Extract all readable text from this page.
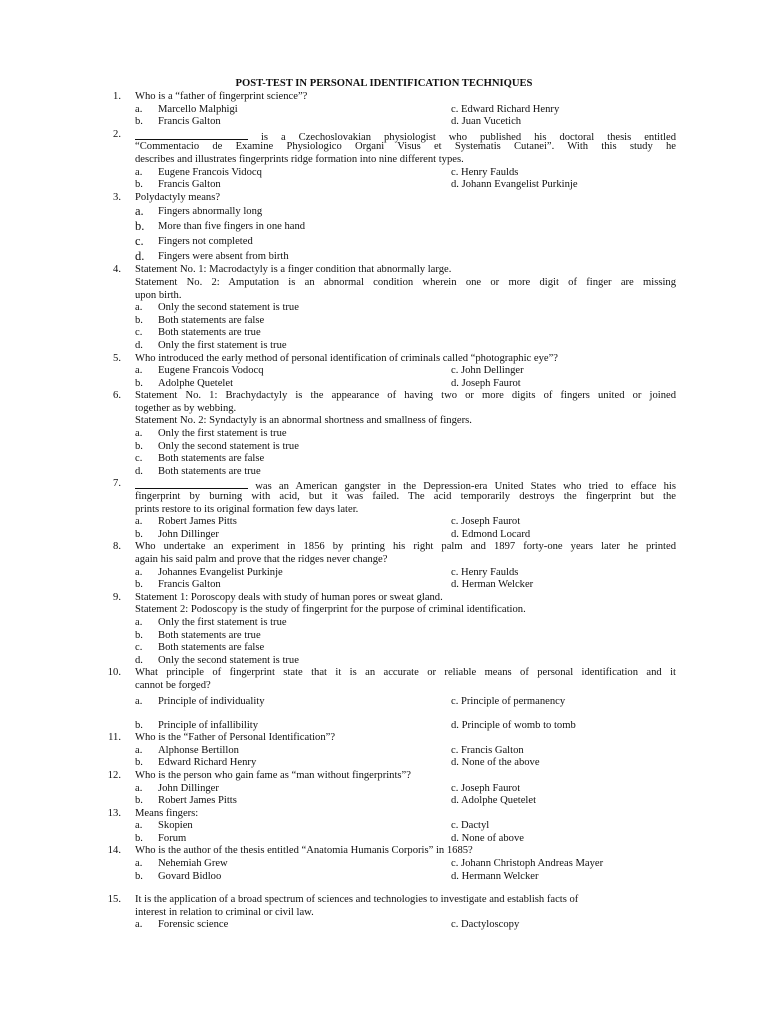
POST-TEST IN PERSONAL IDENTIFICATION TECHNIQUES
1. Who is a “father of fingerprint science”?
a. Marcello Malphigi	c. Edward Richard Henry
b. Francis Galton	d. Juan Vucetich
2.	is a Czechoslovakian physiologist who published his doctoral thesis entitled
“Commentacio de Examine Physiologico Organi Visus et Systematis Cutanei”. With this study he
describes and illustrates fingerprints ridge formation into nine different types.
a. Eugene Francois Vidocq	c. Henry Faulds
b. Francis Galton	d. Johann Evangelist Purkinje
3. Polydactyly means?
a. Fingers abnormally long
b. More than five fingers in one hand
c. Fingers not completed
d. Fingers were absent from birth
4. Statement No. 1: Macrodactyly is a finger condition that abnormally large.
Statement No. 2: Amputation is an abnormal condition wherein one or more digit of finger are missing
upon birth.
a. Only the second statement is true
b. Both statements are false
c. Both statements are true
d. Only the first statement is true
5. Who introduced the early method of personal identification of criminals called “photographic eye”?
a. Eugene Francois Vodocq	c. John Dellinger
b. Adolphe Quetelet	d. Joseph Faurot
6. Statement No. 1: Brachydactyly is the appearance of having two or more digits of fingers united or joined
together as by webbing.
Statement No. 2: Syndactyly is an abnormal shortness and smallness of fingers.
a. Only the first statement is true
b. Only the second statement is true
c. Both statements are false
d. Both statements are true
7.	was an American gangster in the Depression-era United States who tried to efface his
fingerprint by burning with acid, but it was failed. The acid temporarily destroys the fingerprint but the
prints restore to its original formation few days later.
a. Robert James Pitts	c. Joseph Faurot
b. John Dillinger	d. Edmond Locard
8. Who undertake an experiment in 1856 by printing his right palm and 1897 forty-one years later he printed
again his said palm and prove that the ridges never change?
a. Johannes Evangelist Purkinje	c. Henry Faulds
b. Francis Galton	d. Herman Welcker
9. Statement 1: Poroscopy deals with study of human pores or sweat gland.
Statement 2: Podoscopy is the study of fingerprint for the purpose of criminal identification.
a. Only the first statement is true
b. Both statements are true
c. Both statements are false
d. Only the second statement is true
10. What principle of fingerprint state that it is an accurate or reliable means of personal identification and it
cannot be forged?
a. Principle of individuality	c. Principle of permanency
b. Principle of infallibility	d. Principle of womb to tomb
11. Who is the “Father of Personal Identification”?
a. Alphonse Bertillon	c. Francis Galton
b. Edward Richard Henry	d. None of the above
12. Who is the person who gain fame as “man without fingerprints”?
a. John Dillinger	c. Joseph Faurot
b. Robert James Pitts	d. Adolphe Quetelet
13. Means fingers:
a. Skopien	c. Dactyl
b. Forum	d. None of above
14. Who is the author of the thesis entitled “Anatomia Humanis Corporis” in 1685?
a. Nehemiah Grew	c. Johann Christoph Andreas Mayer
b. Govard Bidloo	d. Hermann Welcker
15. It is the application of a broad spectrum of sciences and technologies to investigate and establish facts of
interest in relation to criminal or civil law.
a. Forensic science	c. Dactyloscopy
